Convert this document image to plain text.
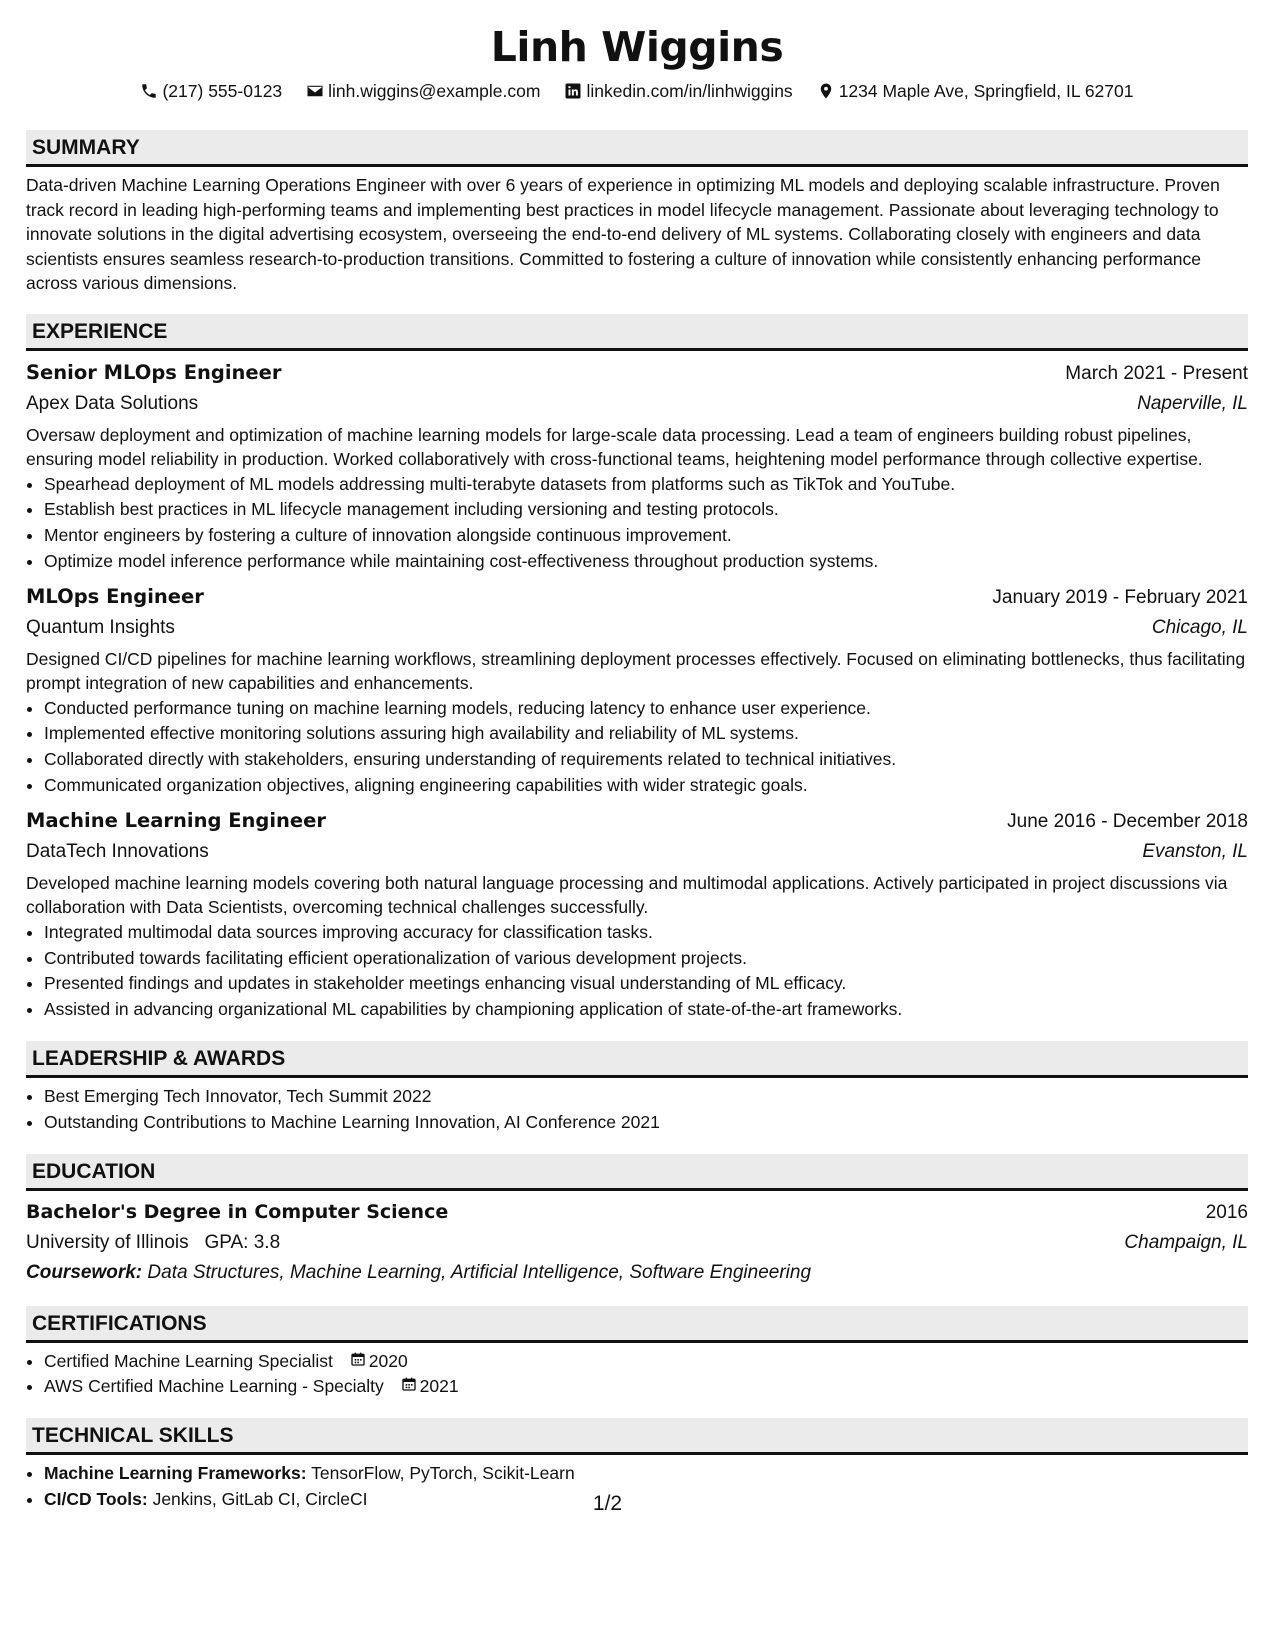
Linh Wiggins
(217) 555-0123	linh.wiggins@example.com	linkedin.com/in/linhwiggins	1234 Maple Ave, Springfield, IL 62701
SUMMARY

Data-driven Machine Learning Operations Engineer with over 6 years of experience in optimizing ML models and deploying scalable infrastructure. Proven track record in leading high-performing teams and implementing best practices in model lifecycle management. Passionate about leveraging technology to innovate solutions in the digital advertising ecosystem, overseeing the end-to-end delivery of ML systems. Collaborating closely with engineers and data scientists ensures seamless research-to-production transitions. Committed to fostering a culture of innovation while consistently enhancing performance across various dimensions.

EXPERIENCE
Senior MLOps Engineer	March 2021 - Present
Apex Data Solutions	Naperville, IL

Oversaw deployment and optimization of machine learning models for large-scale data processing. Lead a team of engineers building robust pipelines, ensuring model reliability in production. Worked collaboratively with cross-functional teams, heightening model performance through collective expertise.

• Spearhead deployment of ML models addressing multi-terabyte datasets from platforms such as TikTok and YouTube.
• Establish best practices in ML lifecycle management including versioning and testing protocols.
• Mentor engineers by fostering a culture of innovation alongside continuous improvement.
• Optimize model inference performance while maintaining cost-effectiveness throughout production systems.
MLOps Engineer	January 2019 - February 2021
Quantum Insights	Chicago, IL

Designed CI/CD pipelines for machine learning workflows, streamlining deployment processes effectively. Focused on eliminating bottlenecks, thus facilitating prompt integration of new capabilities and enhancements.

• Conducted performance tuning on machine learning models, reducing latency to enhance user experience.
• Implemented effective monitoring solutions assuring high availability and reliability of ML systems.
• Collaborated directly with stakeholders, ensuring understanding of requirements related to technical initiatives.
• Communicated organization objectives, aligning engineering capabilities with wider strategic goals.
Machine Learning Engineer	June 2016 - December 2018
DataTech Innovations	Evanston, IL

Developed machine learning models covering both natural language processing and multimodal applications. Actively participated in project discussions via collaboration with Data Scientists, overcoming technical challenges successfully.

• Integrated multimodal data sources improving accuracy for classification tasks.
• Contributed towards facilitating efficient operationalization of various development projects.
• Presented findings and updates in stakeholder meetings enhancing visual understanding of ML efficacy.
• Assisted in advancing organizational ML capabilities by championing application of state-of-the-art frameworks.
LEADERSHIP & AWARDS
• Best Emerging Tech Innovator, Tech Summit 2022
• Outstanding Contributions to Machine Learning Innovation, AI Conference 2021
EDUCATION
Bachelor's Degree in Computer Science	2016
University of Illinois GPA: 3.8	Champaign, IL
Coursework: Data Structures, Machine Learning, Artificial Intelligence, Software Engineering
CERTIFICATIONS
• Certified Machine Learning Specialist 2020
• AWS Certified Machine Learning - Specialty 2021
TECHNICAL SKILLS
• Machine Learning Frameworks: TensorFlow, PyTorch, Scikit-Learn
• CI/CD Tools: Jenkins, GitLab CI, CircleCI	1/2
